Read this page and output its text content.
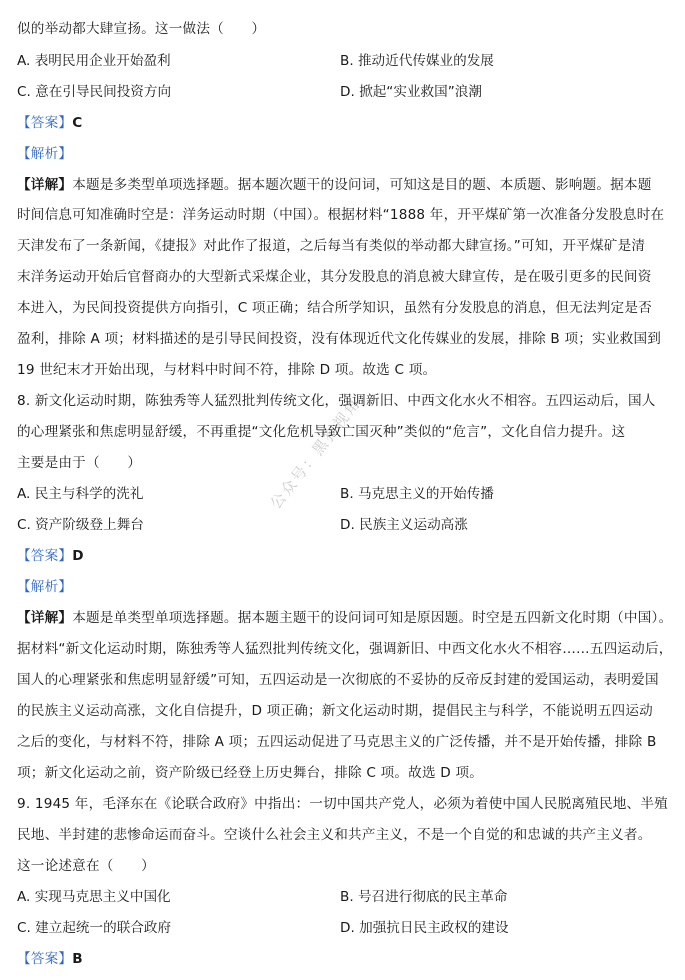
公众号：黑狗视角
似的举动都大肆宣扬。这一做法（　　）
A. 表明民用企业开始盈利	B. 推动近代传媒业的发展
C. 意在引导民间投资方向	D. 掀起“实业救国”浪潮
【答案】C
【解析】
【详解】本题是多类型单项选择题。据本题次题干的设问词，可知这是目的题、本质题、影响题。据本题
时间信息可知准确时空是：洋务运动时期（中国）。根据材料“1888 年，开平煤矿第一次准备分发股息时在
天津发布了一条新闻，《捷报》对此作了报道，之后每当有类似的举动都大肆宣扬。”可知，开平煤矿是清
末洋务运动开始后官督商办的大型新式采煤企业，其分发股息的消息被大肆宣传，是在吸引更多的民间资
本进入，为民间投资提供方向指引，C 项正确；结合所学知识，虽然有分发股息的消息，但无法判定是否
盈利，排除 A 项；材料描述的是引导民间投资，没有体现近代文化传媒业的发展，排除 B 项；实业救国到
19 世纪末才开始出现，与材料中时间不符，排除 D 项。故选 C 项。
8. 新文化运动时期，陈独秀等人猛烈批判传统文化，强调新旧、中西文化水火不相容。五四运动后，国人
的心理紧张和焦虑明显舒缓，不再重提“文化危机导致亡国灭种”类似的“危言”，文化自信力提升。这
主要是由于（　　）
A. 民主与科学的洗礼	B. 马克思主义的开始传播
C. 资产阶级登上舞台	D. 民族主义运动高涨
【答案】D
【解析】
【详解】本题是单类型单项选择题。据本题主题干的设问词可知是原因题。时空是五四新文化时期（中国）。
据材料“新文化运动时期，陈独秀等人猛烈批判传统文化，强调新旧、中西文化水火不相容……五四运动后，
国人的心理紧张和焦虑明显舒缓”可知，五四运动是一次彻底的不妥协的反帝反封建的爱国运动，表明爱国
的民族主义运动高涨，文化自信提升，D 项正确；新文化运动时期，提倡民主与科学，不能说明五四运动
之后的变化，与材料不符，排除 A 项；五四运动促进了马克思主义的广泛传播，并不是开始传播，排除 B
项；新文化运动之前，资产阶级已经登上历史舞台，排除 C 项。故选 D 项。
9. 1945 年，毛泽东在《论联合政府》中指出：一切中国共产党人，必须为着使中国人民脱离殖民地、半殖
民地、半封建的悲惨命运而奋斗。空谈什么社会主义和共产主义，不是一个自觉的和忠诚的共产主义者。
这一论述意在（　　）
A. 实现马克思主义中国化	B. 号召进行彻底的民主革命
C. 建立起统一的联合政府	D. 加强抗日民主政权的建设
【答案】B
